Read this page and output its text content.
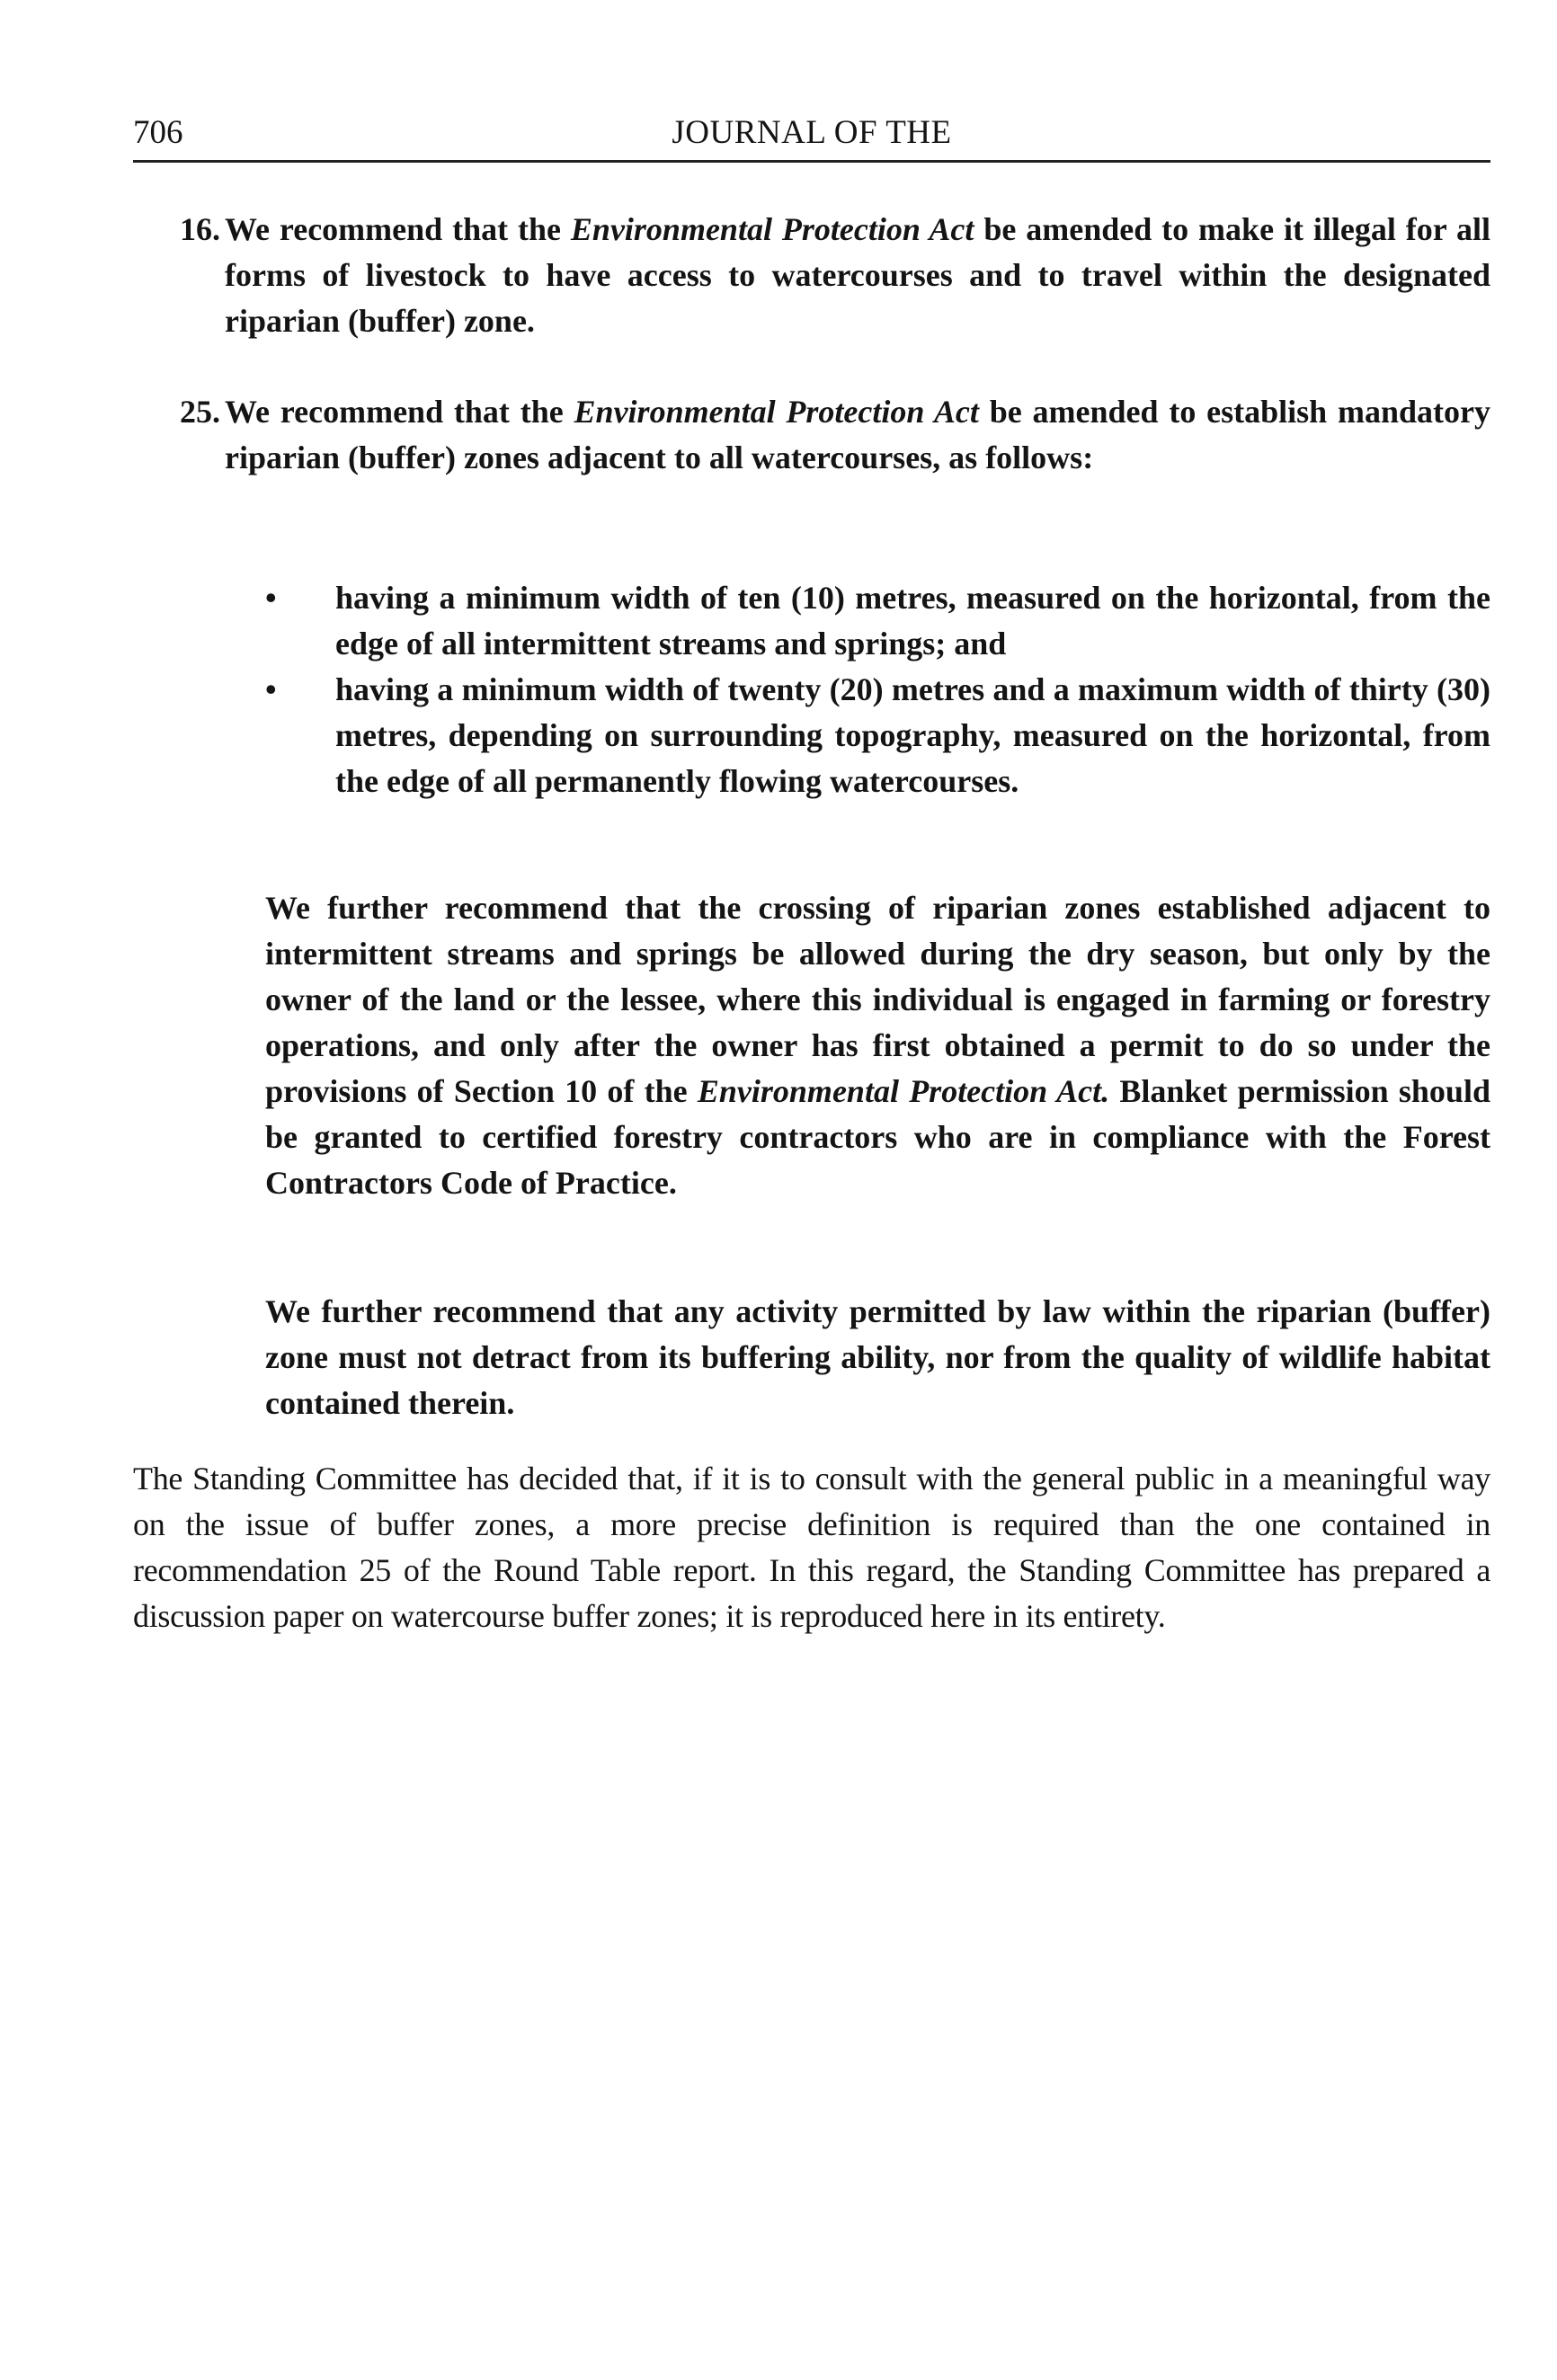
706	JOURNAL OF THE

16. We recommend that the Environmental Protection Act be amended to make it illegal for all forms of livestock to have access to watercourses and to travel within the designated riparian (buffer) zone.

25. We recommend that the Environmental Protection Act be amended to establish mandatory riparian (buffer) zones adjacent to all watercourses, as follows:

• having a minimum width of ten (10) metres, measured on the horizontal, from the edge of all intermittent streams and springs; and
• having a minimum width of twenty (20) metres and a maximum width of thirty (30) metres, depending on surrounding topography, measured on the horizontal, from the edge of all permanently flowing watercourses.

We further recommend that the crossing of riparian zones established adjacent to intermittent streams and springs be allowed during the dry season, but only by the owner of the land or the lessee, where this individual is engaged in farming or forestry operations, and only after the owner has first obtained a permit to do so under the provisions of Section 10 of the Environmental Protection Act. Blanket permission should be granted to certified forestry contractors who are in compliance with the Forest Contractors Code of Practice.

We further recommend that any activity permitted by law within the riparian (buffer) zone must not detract from its buffering ability, nor from the quality of wildlife habitat contained therein.

The Standing Committee has decided that, if it is to consult with the general public in a meaningful way on the issue of buffer zones, a more precise definition is required than the one contained in recommendation 25 of the Round Table report. In this regard, the Standing Committee has prepared a discussion paper on watercourse buffer zones; it is reproduced here in its entirety.
